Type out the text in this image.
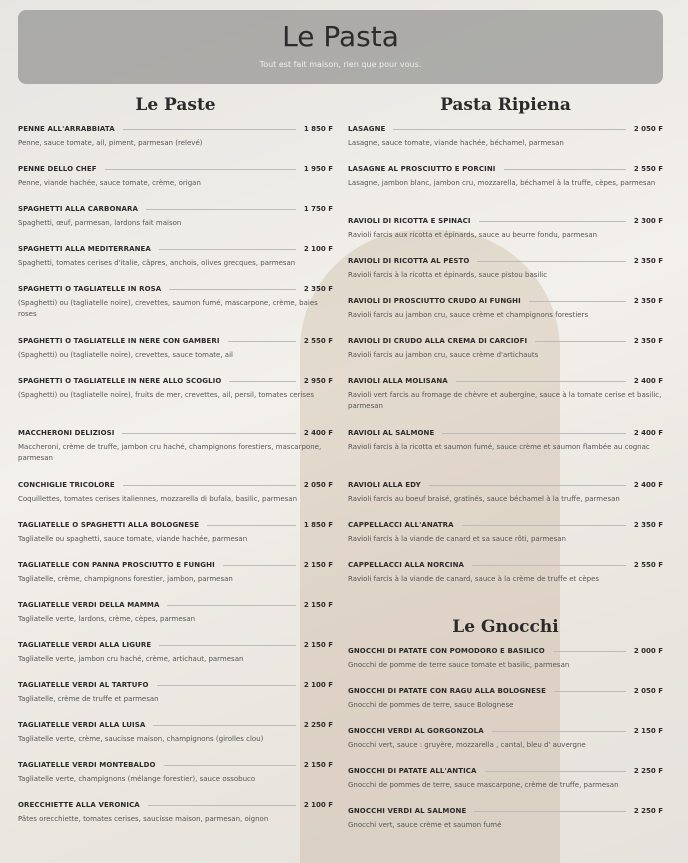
Le Pasta
Tout est fait maison, rien que pour vous.
Le Paste
PENNE ALL'ARRABBIATA	1 850 F
Penne, sauce tomate, ail, piment, parmesan (relevé)
PENNE DELLO CHEF	1 950 F
Penne, viande hachée, sauce tomate, crème, origan
SPAGHETTI ALLA CARBONARA	1 750 F
Spaghetti, œuf, parmesan, lardons fait maison
SPAGHETTI ALLA MEDITERRANEA	2 100 F
Spaghetti, tomates cerises d'italie, câpres, anchois, olives grecques, parmesan
SPAGHETTI O TAGLIATELLE IN ROSA	2 350 F
(Spaghetti) ou (tagliatelle noire), crevettes, saumon fumé, mascarpone, crème, baies roses
SPAGHETTI O TAGLIATELLE IN NERE CON GAMBERI	2 550 F
(Spaghetti) ou (tagliatelle noire), crevettes, sauce tomate, ail
SPAGHETTI O TAGLIATELLE IN NERE ALLO SCOGLIO	2 950 F
(Spaghetti) ou (tagliatelle noire), fruits de mer, crevettes, ail, persil, tomates cerises
MACCHERONI DELIZIOSI	2 400 F
Maccheroni, crème de truffe, jambon cru haché, champignons forestiers, mascarpone, parmesan
CONCHIGLIE TRICOLORE	2 050 F
Coquillettes, tomates cerises italiennes, mozzarella di bufala, basilic, parmesan
TAGLIATELLE O SPAGHETTI ALLA BOLOGNESE	1 850 F
Tagliatelle ou spaghetti, sauce tomate, viande hachée, parmesan
TAGLIATELLE CON PANNA PROSCIUTTO E FUNGHI	2 150 F
Tagliatelle, crème, champignons forestier, jambon, parmesan
TAGLIATELLE VERDI DELLA MAMMA	2 150 F
Tagliatelle verte, lardons, crème, cèpes, parmesan
TAGLIATELLE VERDI ALLA LIGURE	2 150 F
Tagliatelle verte, jambon cru haché, crème, artichaut, parmesan
TAGLIATELLE VERDI AL TARTUFO	2 100 F
Tagliatelle, crème de truffe et parmesan
TAGLIATELLE VERDI ALLA LUISA	2 250 F
Tagliatelle verte, crème, saucisse maison, champignons (girolles clou)
TAGLIATELLE VERDI MONTEBALDO	2 150 F
Tagliatelle verte, champignons (mélange forestier), sauce ossobuco
ORECCHIETTE ALLA VERONICA	2 100 F
Pâtes orecchiette, tomates cerises, saucisse maison, parmesan, oignon
Pasta Ripiena
LASAGNE	2 050 F
Lasagne, sauce tomate, viande hachée, béchamel, parmesan
LASAGNE AL PROSCIUTTO E PORCINI	2 550 F
Lasagne, jambon blanc, jambon cru, mozzarella, béchamel à la truffe, cèpes, parmesan
RAVIOLI DI RICOTTA E SPINACI	2 300 F
Ravioli farcis aux ricotta et épinards, sauce au beurre fondu, parmesan
RAVIOLI DI RICOTTA AL PESTO	2 350 F
Ravioli farcis à la ricotta et épinards, sauce pistou basilic
RAVIOLI DI PROSCIUTTO CRUDO AI FUNGHI	2 350 F
Ravioli farcis au jambon cru, sauce crème et champignons forestiers
RAVIOLI DI CRUDO ALLA CREMA DI CARCIOFI	2 350 F
Ravioli farcis au jambon cru, sauce crème d'artichauts
RAVIOLI ALLA MOLISANA	2 400 F
Ravioli vert farcis au fromage de chèvre et aubergine, sauce à la tomate cerise et basilic, parmesan
RAVIOLI AL SALMONE	2 400 F
Ravioli farcis à la ricotta et saumon fumé, sauce crème et saumon flambée au cognac
RAVIOLI ALLA EDY	2 400 F
Ravioli farcis au boeuf braisé, gratinés, sauce béchamel à la truffe, parmesan
CAPPELLACCI ALL'ANATRA	2 350 F
Ravioli farcis à la viande de canard et sa sauce rôti, parmesan
CAPPELLACCI ALLA NORCINA	2 550 F
Ravioli farcis à la viande de canard, sauce à la crème de truffe et cèpes
Le Gnocchi
GNOCCHI DI PATATE CON POMODORO E BASILICO	2 000 F
Gnocchi de pomme de terre sauce tomate et basilic, parmesan
GNOCCHI DI PATATE CON RAGU ALLA BOLOGNESE	2 050 F
Gnocchi de pommes de terre, sauce Bolognese
GNOCCHI VERDI AL GORGONZOLA	2 150 F
Gnocchi vert, sauce : gruyère, mozzarella , cantal, bleu d' auvergne
GNOCCHI DI PATATE ALL'ANTICA	2 250 F
Gnocchi de pommes de terre, sauce mascarpone, crème de truffe, parmesan
GNOCCHI VERDI AL SALMONE	2 250 F
Gnocchi vert, sauce crème et saumon fumé
